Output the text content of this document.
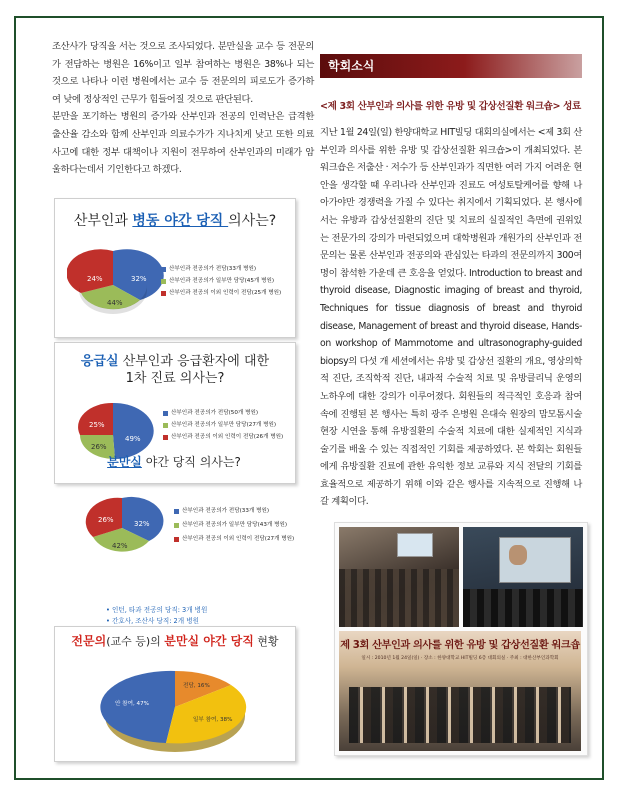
조산사가 당직을 서는 것으로 조사되었다. 분만실을 교수 등 전문의가 전담하는 병원은 16%이고 일부 참여하는 병원은 38%나 되는 것으로 나타나 이런 병원에서는 교수 등 전문의의 피로도가 증가하여 낮에 정상적인 근무가 힘들어질 것으로 판단된다.

분만을 포기하는 병원의 증가와 산부인과 전공의 인력난은 급격한 출산율 감소와 함께 산부인과 의료수가가 지나치게 낮고 또한 의료 사고에 대한 정부 대책이나 지원이 전무하여 산부인과의 미래가 암울하다는데서 기인한다고 하겠다.

산부인과 병동 야간 당직 의사는?
32%
44%
24%
산부인과 전공의가 전담(33개 병원)
산부인과 전공의가 일부만 담당(45개 병원)
산부인과 전공의 이외 인력이 전담(25개 병원)
응급실 산부인과 응급환자에 대한
1차 진료 의사는?
49%
26%
25%
산부인과 전공의가 전담(50개 병원)
산부인과 전공의가 일부만 담당(27개 병원)
산부인과 전공의 이외 인력이 전담(26개 병원)
분만실 야간 당직 의사는?
32%
42%
26%
산부인과 전공의가 전담(33개 병원)
산부인과 전공의가 일부만 담당(43개 병원)
산부인과 전공의 이외 인력이 전담(27개 병원)
• 인턴, 타과 전공의 당직: 3개 병원
• 간호사, 조산사 당직: 2개 병원
전문의(교수 등)의 분만실 야간 당직 현황
안 참여, 47%
전담, 16%
일부 참여, 38%
학회소식
<제 3회 산부인과 의사를 위한 유방 및 갑상선질환 워크숍> 성료
지난 1월 24일(일) 한양대학교 HIT빌딩 대회의실에서는 <제 3회 산부인과 의사를 위한 유방 및 갑상선질환 워크숍>이 개최되었다. 본 워크숍은 저출산 · 저수가 등 산부인과가 직면한 여러 가지 어려운 현안을 생각할 때 우리나라 산부인과 진료도 여성토탈케어를 향해 나아가야만 경쟁력을 가질 수 있다는 취지에서 기획되었다. 본 행사에서는 유방과 갑상선질환의 진단 및 치료의 실질적인 측면에 권위있는 전문가의 강의가 마련되었으며 대학병원과 개원가의 산부인과 전문의는 물론 산부인과 전공의와 관심있는 타과의 전문의까지 300여명이 참석한 가운데 큰 호응을 얻었다. Introduction to breast and thyroid disease, Diagnostic imaging of breast and thyroid, Techniques for tissue diagnosis of breast and thyroid disease, Management of breast and thyroid disease, Hands-on workshop of Mammotome and ultrasonography-guided biopsy의 다섯 개 세션에서는 유방 및 갑상선 질환의 개요, 영상의학적 진단, 조직학적 진단, 내과적 수술적 치료 및 유방클리닉 운영의 노하우에 대한 강의가 이루어졌다. 회원들의 적극적인 호응과 참여 속에 진행된 본 행사는 특히 광주 은병원 은대숙 원장의 맘모톰시술 현장 시연을 통해 유방질환의 수술적 치료에 대한 실제적인 지식과 술기를 배울 수 있는 직접적인 기회를 제공하였다. 본 학회는 회원들에게 유방질환 진료에 관한 유익한 정보 교류와 지식 전달의 기회를 효율적으로 제공하기 위해 이와 같은 행사를 지속적으로 진행해 나갈 계획이다.
제 3회 산부인과 의사를 위한 유방 및 갑상선질환 워크숍
일시 : 2010년 1월 24일(일) · 장소 : 한양대학교 HIT빌딩 6층 대회의실 · 주최 : 대한산부인과학회
